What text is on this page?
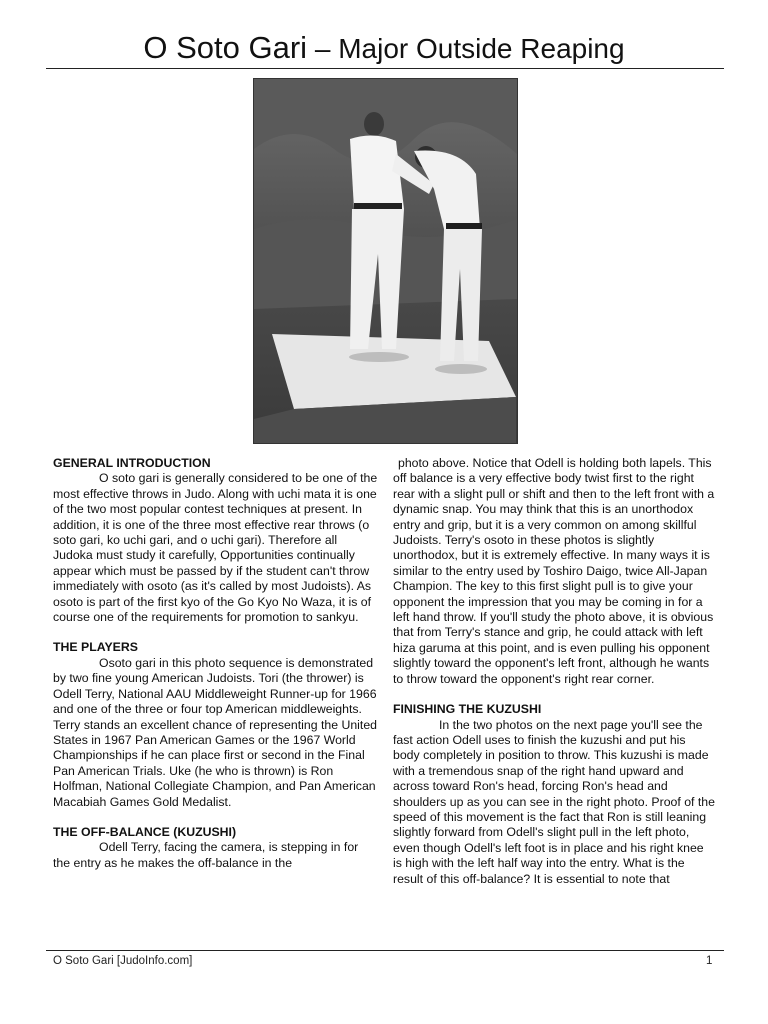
O Soto Gari – Major Outside Reaping
GENERAL INTRODUCTION

O soto gari is generally considered to be one of the most effective throws in Judo. Along with uchi mata it is one of the two most popular contest techniques at present. In addition, it is one of the three most effective rear throws (o soto gari, ko uchi gari, and o uchi gari). Therefore all Judoka must study it carefully, Opportunities continually appear which must be passed by if the student can't throw immediately with osoto (as it's called by most Judoists). As osoto is part of the first kyo of the Go Kyo No Waza, it is of course one of the requirements for promotion to sankyu.

THE PLAYERS

Osoto gari in this photo sequence is demonstrated by two fine young American Judoists. Tori (the thrower) is Odell Terry, National AAU Middleweight Runner-up for 1966 and one of the three or four top American middleweights. Terry stands an excellent chance of representing the United States in 1967 Pan American Games or the 1967 World Championships if he can place first or second in the Final Pan American Trials. Uke (he who is thrown) is Ron Holfman, National Collegiate Champion, and Pan American Macabiah Games Gold Medalist.

THE OFF-BALANCE (KUZUSHI)

Odell Terry, facing the camera, is stepping in for the entry as he makes the off-balance in the

photo above. Notice that Odell is holding both lapels. This off balance is a very effective body twist first to the right rear with a slight pull or shift and then to the left front with a dynamic snap. You may think that this is an unorthodox entry and grip, but it is a very common on among skillful Judoists. Terry's osoto in these photos is slightly unorthodox, but it is extremely effective. In many ways it is similar to the entry used by Toshiro Daigo, twice All-Japan Champion. The key to this first slight pull is to give your opponent the impression that you may be coming in for a left hand throw. If you'll study the photo above, it is obvious that from Terry's stance and grip, he could attack with left hiza garuma at this point, and is even pulling his opponent slightly toward the opponent's left front, although he wants to throw toward the opponent's right rear corner.

FINISHING THE KUZUSHI

In the two photos on the next page you'll see the fast action Odell uses to finish the kuzushi and put his body completely in position to throw. This kuzushi is made with a tremendous snap of the right hand upward and across toward Ron's head, forcing Ron's head and shoulders up as you can see in the right photo. Proof of the speed of this movement is the fact that Ron is still leaning slightly forward from Odell's slight pull in the left photo, even though Odell's left foot is in place and his right knee is high with the left half way into the entry. What is the result of this off-balance? It is essential to note that

O Soto Gari [JudoInfo.com]	1
